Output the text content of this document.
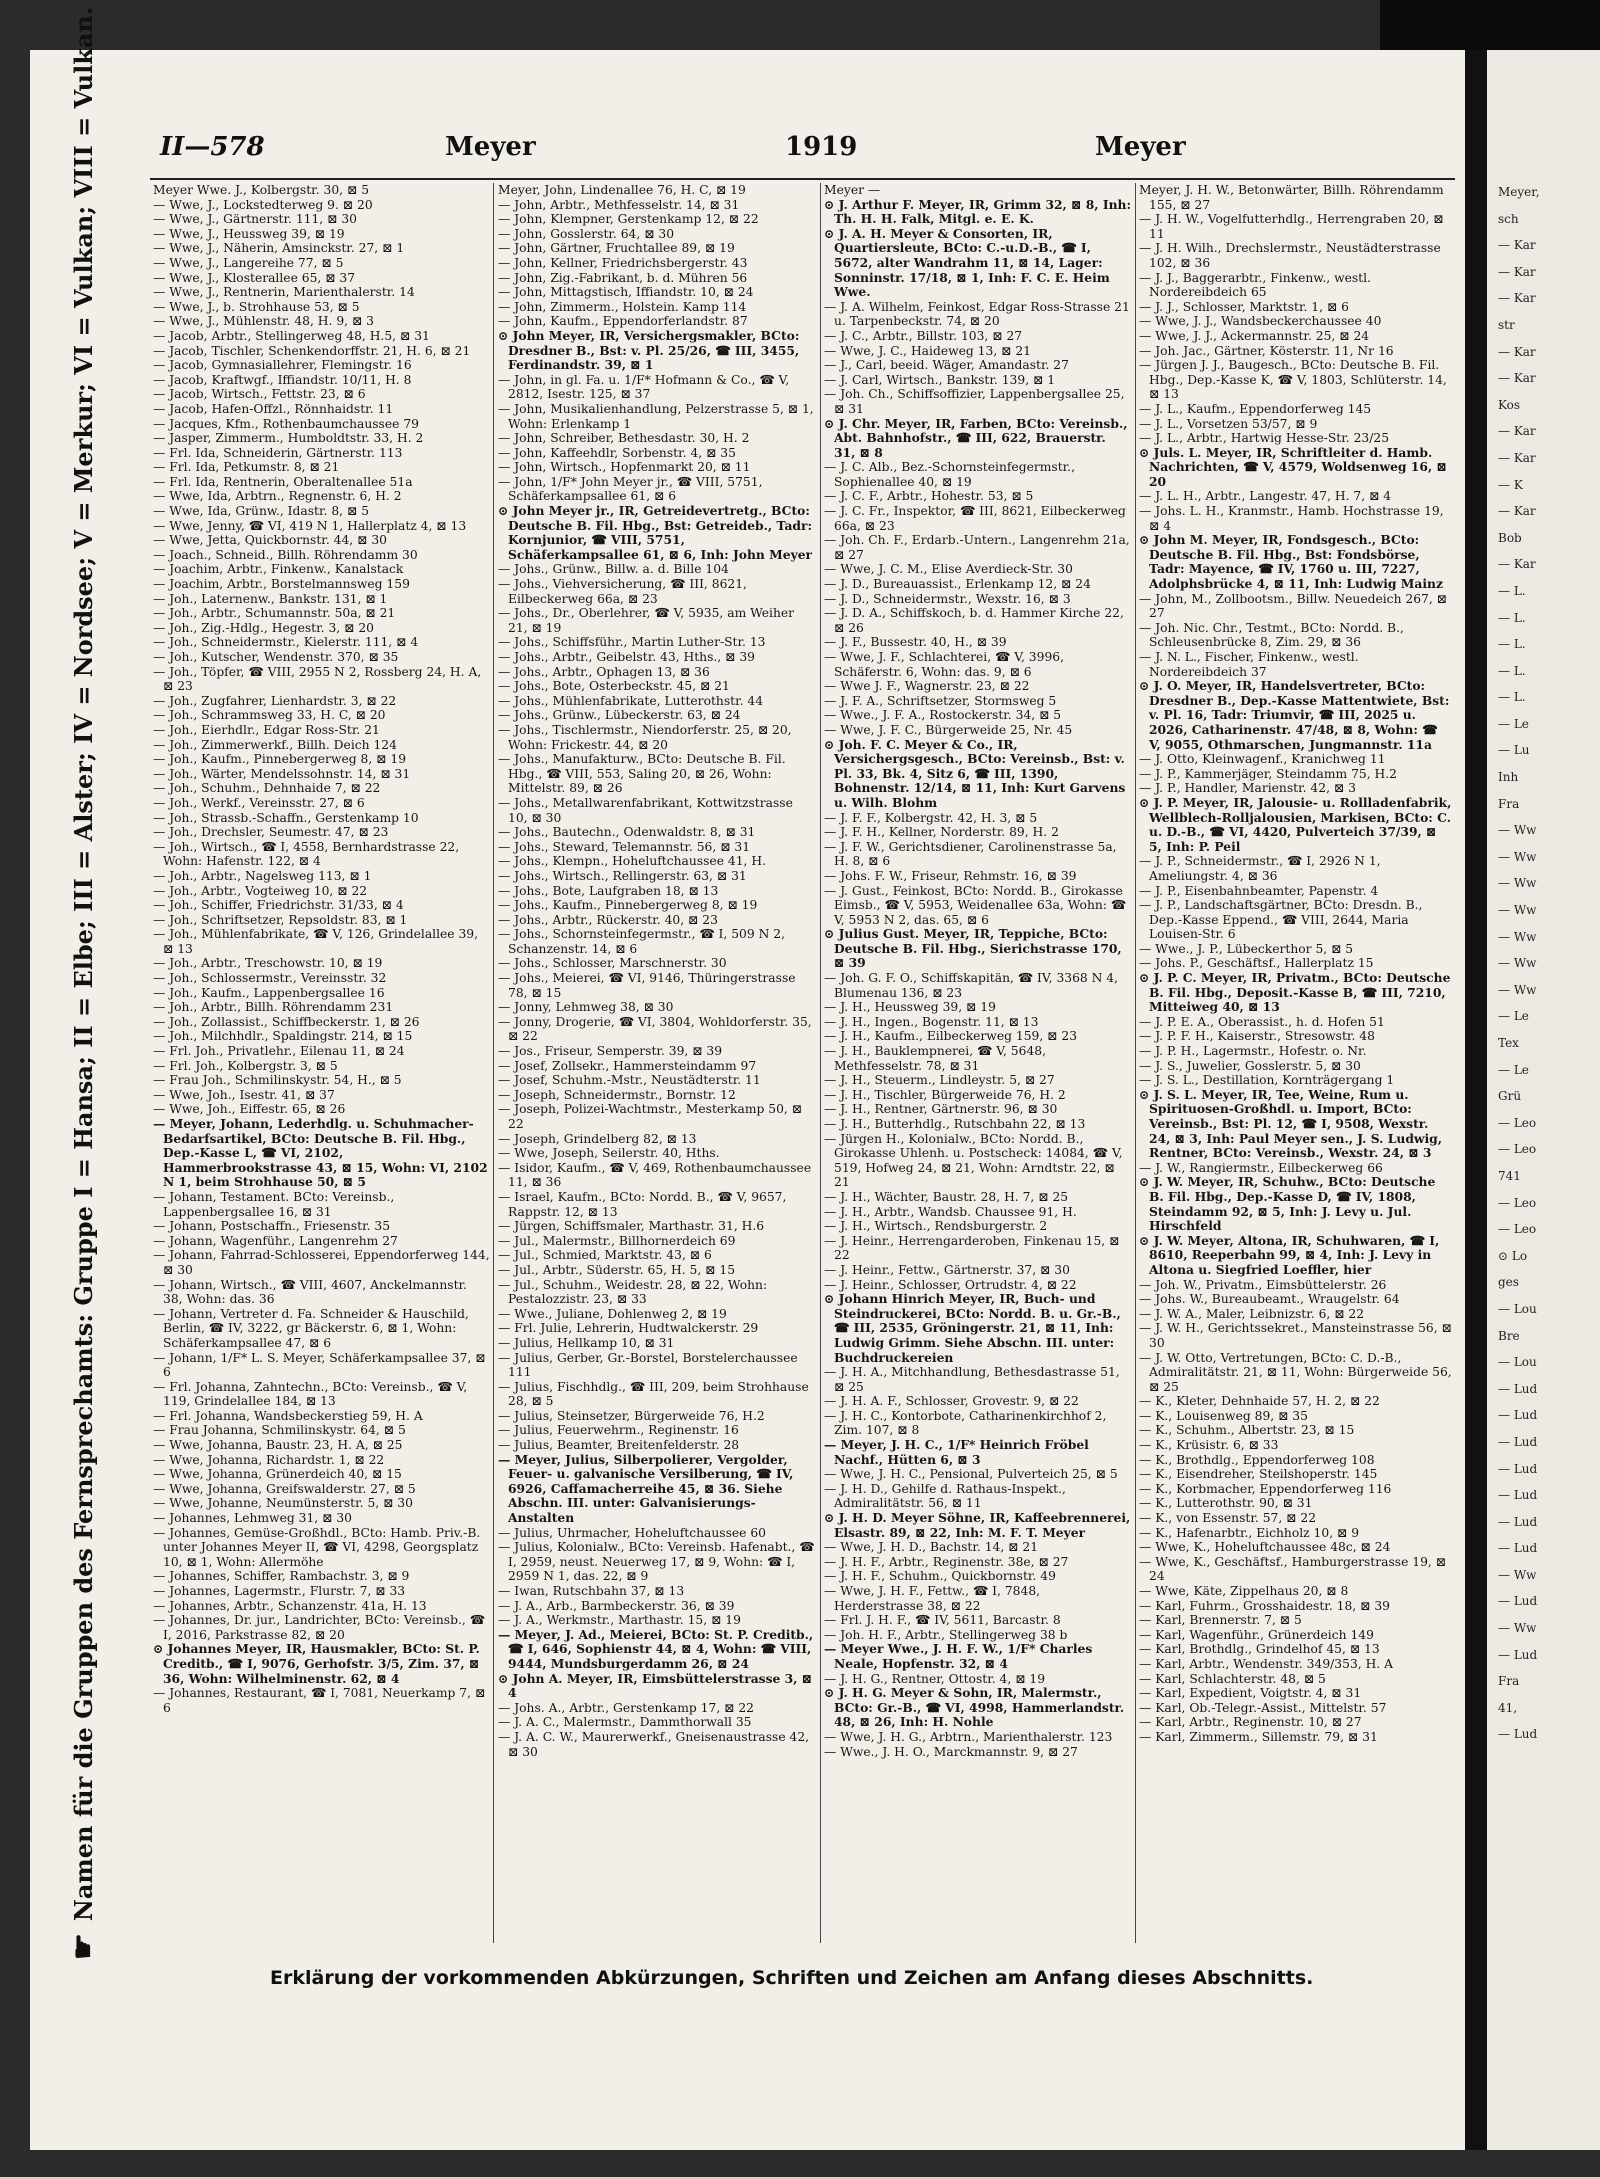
II—578	Meyer	1919	Meyer
☛
Namen für die Gruppen des Fernsprechamts: Gruppe I = Hansa; II = Elbe; III = Alster; IV = Nordsee; V = Merkur; VI = Vulkan; VIII = Vulkan.	Meyer Wwe. J., Kolbergstr. 30, ⊠ 5

— Wwe, J., Lockstedterweg 9. ⊠ 20

— Wwe, J., Gärtnerstr. 111, ⊠ 30

— Wwe, J., Heussweg 39, ⊠ 19

— Wwe, J., Näherin, Amsinckstr. 27, ⊠ 1

— Wwe, J., Langereihe 77, ⊠ 5

— Wwe, J., Klosterallee 65, ⊠ 37

— Wwe, J., Rentnerin, Marienthalerstr. 14

— Wwe, J., b. Strohhause 53, ⊠ 5

— Wwe, J., Mühlenstr. 48, H. 9, ⊠ 3

— Jacob, Arbtr., Stellingerweg 48, H.5, ⊠ 31

— Jacob, Tischler, Schenkendorffstr. 21, H. 6, ⊠ 21

— Jacob, Gymnasiallehrer, Flemingstr. 16

— Jacob, Kraftwgf., Iffiandstr. 10/11, H. 8

— Jacob, Wirtsch., Fettstr. 23, ⊠ 6

— Jacob, Hafen-Offzl., Rönnhaidstr. 11

— Jacques, Kfm., Rothenbaumchaussee 79

— Jasper, Zimmerm., Humboldtstr. 33, H. 2

— Frl. Ida, Schneiderin, Gärtnerstr. 113

— Frl. Ida, Petkumstr. 8, ⊠ 21

— Frl. Ida, Rentnerin, Oberaltenallee 51a

— Wwe, Ida, Arbtrn., Regnenstr. 6, H. 2

— Wwe, Ida, Grünw., Idastr. 8, ⊠ 5

— Wwe, Jenny, ☎ VI, 419 N 1, Hallerplatz 4, ⊠ 13

— Wwe, Jetta, Quickbornstr. 44, ⊠ 30

— Joach., Schneid., Billh. Röhrendamm 30

— Joachim, Arbtr., Finkenw., Kanalstack

— Joachim, Arbtr., Borstelmannsweg 159

— Joh., Laternenw., Bankstr. 131, ⊠ 1

— Joh., Arbtr., Schumannstr. 50a, ⊠ 21

— Joh., Zig.-Hdlg., Hegestr. 3, ⊠ 20

— Joh., Schneidermstr., Kielerstr. 111, ⊠ 4

— Joh., Kutscher, Wendenstr. 370, ⊠ 35

— Joh., Töpfer, ☎ VIII, 2955 N 2, Rossberg 24, H. A, ⊠ 23

— Joh., Zugfahrer, Lienhardstr. 3, ⊠ 22

— Joh., Schrammsweg 33, H. C, ⊠ 20

— Joh., Eierhdlr., Edgar Ross-Str. 21

— Joh., Zimmerwerkf., Billh. Deich 124

— Joh., Kaufm., Pinnebergerweg 8, ⊠ 19

— Joh., Wärter, Mendelssohnstr. 14, ⊠ 31

— Joh., Schuhm., Dehnhaide 7, ⊠ 22

— Joh., Werkf., Vereinsstr. 27, ⊠ 6

— Joh., Strassb.-Schaffn., Gerstenkamp 10

— Joh., Drechsler, Seumestr. 47, ⊠ 23

— Joh., Wirtsch., ☎ I, 4558, Bernhardstrasse 22, Wohn: Hafenstr. 122, ⊠ 4

— Joh., Arbtr., Nagelsweg 113, ⊠ 1

— Joh., Arbtr., Vogteiweg 10, ⊠ 22

— Joh., Schiffer, Friedrichstr. 31/33, ⊠ 4

— Joh., Schriftsetzer, Repsoldstr. 83, ⊠ 1

— Joh., Mühlenfabrikate, ☎ V, 126, Grindelallee 39, ⊠ 13

— Joh., Arbtr., Treschowstr. 10, ⊠ 19

— Joh., Schlossermstr., Vereinsstr. 32

— Joh., Kaufm., Lappenbergsallee 16

— Joh., Arbtr., Billh. Röhrendamm 231

— Joh., Zollassist., Schiffbeckerstr. 1, ⊠ 26

— Joh., Milchhdlr., Spaldingstr. 214, ⊠ 15

— Frl. Joh., Privatlehr., Eilenau 11, ⊠ 24

— Frl. Joh., Kolbergstr. 3, ⊠ 5

— Frau Joh., Schmilinskystr. 54, H., ⊠ 5

— Wwe, Joh., Isestr. 41, ⊠ 37

— Wwe, Joh., Eiffestr. 65, ⊠ 26

— Meyer, Johann, Lederhdlg. u. Schuhmacher-Bedarfsartikel, BCto: Deutsche B. Fil. Hbg., Dep.-Kasse L, ☎ VI, 2102, Hammerbrookstrasse 43, ⊠ 15, Wohn: VI, 2102 N 1, beim Strohhause 50, ⊠ 5

— Johann, Testament. BCto: Vereinsb., Lappenbergsallee 16, ⊠ 31

— Johann, Postschaffn., Friesenstr. 35

— Johann, Wagenführ., Langenrehm 27

— Johann, Fahrrad-Schlosserei, Eppendorferweg 144, ⊠ 30

— Johann, Wirtsch., ☎ VIII, 4607, Anckelmannstr. 38, Wohn: das. 36

— Johann, Vertreter d. Fa. Schneider & Hauschild, Berlin, ☎ IV, 3222, gr Bäckerstr. 6, ⊠ 1, Wohn: Schäferkampsallee 47, ⊠ 6

— Johann, 1/F* L. S. Meyer, Schäferkampsallee 37, ⊠ 6

— Frl. Johanna, Zahntechn., BCto: Vereinsb., ☎ V, 119, Grindelallee 184, ⊠ 13

— Frl. Johanna, Wandsbeckerstieg 59, H. A

— Frau Johanna, Schmilinskystr. 64, ⊠ 5

— Wwe, Johanna, Baustr. 23, H. A, ⊠ 25

— Wwe, Johanna, Richardstr. 1, ⊠ 22

— Wwe, Johanna, Grünerdeich 40, ⊠ 15

— Wwe, Johanna, Greifswalderstr. 27, ⊠ 5

— Wwe, Johanne, Neumünsterstr. 5, ⊠ 30

— Johannes, Lehmweg 31, ⊠ 30

— Johannes, Gemüse-Großhdl., BCto: Hamb. Priv.-B. unter Johannes Meyer II, ☎ VI, 4298, Georgsplatz 10, ⊠ 1, Wohn: Allermöhe

— Johannes, Schiffer, Rambachstr. 3, ⊠ 9

— Johannes, Lagermstr., Flurstr. 7, ⊠ 33

— Johannes, Arbtr., Schanzenstr. 41a, H. 13

— Johannes, Dr. jur., Landrichter, BCto: Vereinsb., ☎ I, 2016, Parkstrasse 82, ⊠ 20

⊙ Johannes Meyer, IR, Hausmakler, BCto: St. P. Creditb., ☎ I, 9076, Gerhofstr. 3/5, Zim. 37, ⊠ 36, Wohn: Wilhelminenstr. 62, ⊠ 4

— Johannes, Restaurant, ☎ I, 7081, Neuerkamp 7, ⊠ 6

Meyer, John, Lindenallee 76, H. C, ⊠ 19

— John, Arbtr., Methfesselstr. 14, ⊠ 31

— John, Klempner, Gerstenkamp 12, ⊠ 22

— John, Gosslerstr. 64, ⊠ 30

— John, Gärtner, Fruchtallee 89, ⊠ 19

— John, Kellner, Friedrichsbergerstr. 43

— John, Zig.-Fabrikant, b. d. Mühren 56

— John, Mittagstisch, Iffiandstr. 10, ⊠ 24

— John, Zimmerm., Holstein. Kamp 114

— John, Kaufm., Eppendorferlandstr. 87

⊙ John Meyer, IR, Versichergsmakler, BCto: Dresdner B., Bst: v. Pl. 25/26, ☎ III, 3455, Ferdinandstr. 39, ⊠ 1

— John, in gl. Fa. u. 1/F* Hofmann & Co., ☎ V, 2812, Isestr. 125, ⊠ 37

— John, Musikalienhandlung, Pelzerstrasse 5, ⊠ 1, Wohn: Erlenkamp 1

— John, Schreiber, Bethesdastr. 30, H. 2

— John, Kaffeehdlr, Sorbenstr. 4, ⊠ 35

— John, Wirtsch., Hopfenmarkt 20, ⊠ 11

— John, 1/F* John Meyer jr., ☎ VIII, 5751, Schäferkampsallee 61, ⊠ 6

⊙ John Meyer jr., IR, Getreidevertretg., BCto: Deutsche B. Fil. Hbg., Bst: Getreideb., Tadr: Kornjunior, ☎ VIII, 5751, Schäferkampsallee 61, ⊠ 6, Inh: John Meyer

— Johs., Grünw., Billw. a. d. Bille 104

— Johs., Viehversicherung, ☎ III, 8621, Eilbeckerweg 66a, ⊠ 23

— Johs., Dr., Oberlehrer, ☎ V, 5935, am Weiher 21, ⊠ 19

— Johs., Schiffsführ., Martin Luther-Str. 13

— Johs., Arbtr., Geibelstr. 43, Hths., ⊠ 39

— Johs., Arbtr., Ophagen 13, ⊠ 36

— Johs., Bote, Osterbeckstr. 45, ⊠ 21

— Johs., Mühlenfabrikate, Lutterothstr. 44

— Johs., Grünw., Lübeckerstr. 63, ⊠ 24

— Johs., Tischlermstr., Niendorferstr. 25, ⊠ 20, Wohn: Frickestr. 44, ⊠ 20

— Johs., Manufakturw., BCto: Deutsche B. Fil. Hbg., ☎ VIII, 553, Saling 20, ⊠ 26, Wohn: Mittelstr. 89, ⊠ 26

— Johs., Metallwarenfabrikant, Kottwitzstrasse 10, ⊠ 30

— Johs., Bautechn., Odenwaldstr. 8, ⊠ 31

— Johs., Steward, Telemannstr. 56, ⊠ 31

— Johs., Klempn., Hoheluftchaussee 41, H.

— Johs., Wirtsch., Rellingerstr. 63, ⊠ 31

— Johs., Bote, Laufgraben 18, ⊠ 13

— Johs., Kaufm., Pinnebergerweg 8, ⊠ 19

— Johs., Arbtr., Rückerstr. 40, ⊠ 23

— Johs., Schornsteinfegermstr., ☎ I, 509 N 2, Schanzenstr. 14, ⊠ 6

— Johs., Schlosser, Marschnerstr. 30

— Johs., Meierei, ☎ VI, 9146, Thüringerstrasse 78, ⊠ 15

— Jonny, Lehmweg 38, ⊠ 30

— Jonny, Drogerie, ☎ VI, 3804, Wohldorferstr. 35, ⊠ 22

— Jos., Friseur, Semperstr. 39, ⊠ 39

— Josef, Zollsekr., Hammersteindamm 97

— Josef, Schuhm.-Mstr., Neustädterstr. 11

— Joseph, Schneidermstr., Bornstr. 12

— Joseph, Polizei-Wachtmstr., Mesterkamp 50, ⊠ 22

— Joseph, Grindelberg 82, ⊠ 13

— Wwe, Joseph, Seilerstr. 40, Hths.

— Isidor, Kaufm., ☎ V, 469, Rothenbaumchaussee 11, ⊠ 36

— Israel, Kaufm., BCto: Nordd. B., ☎ V, 9657, Rappstr. 12, ⊠ 13

— Jürgen, Schiffsmaler, Marthastr. 31, H.6

— Jul., Malermstr., Billhornerdeich 69

— Jul., Schmied, Marktstr. 43, ⊠ 6

— Jul., Arbtr., Süderstr. 65, H. 5, ⊠ 15

— Jul., Schuhm., Weidestr. 28, ⊠ 22, Wohn: Pestalozzistr. 23, ⊠ 33

— Wwe., Juliane, Dohlenweg 2, ⊠ 19

— Frl. Julie, Lehrerin, Hudtwalckerstr. 29

— Julius, Hellkamp 10, ⊠ 31

— Julius, Gerber, Gr.-Borstel, Borstelerchaussee 111

— Julius, Fischhdlg., ☎ III, 209, beim Strohhause 28, ⊠ 5

— Julius, Steinsetzer, Bürgerweide 76, H.2

— Julius, Feuerwehrm., Reginenstr. 16

— Julius, Beamter, Breitenfelderstr. 28

— Meyer, Julius, Silberpolierer, Vergolder, Feuer- u. galvanische Versilberung, ☎ IV, 6926, Caffamacherreihe 45, ⊠ 36. Siehe Abschn. III. unter: Galvanisierungs-Anstalten

— Julius, Uhrmacher, Hoheluftchaussee 60

— Julius, Kolonialw., BCto: Vereinsb. Hafenabt., ☎ I, 2959, neust. Neuerweg 17, ⊠ 9, Wohn: ☎ I, 2959 N 1, das. 22, ⊠ 9

— Iwan, Rutschbahn 37, ⊠ 13

— J. A., Arb., Barmbeckerstr. 36, ⊠ 39

— J. A., Werkmstr., Marthastr. 15, ⊠ 19

— Meyer, J. Ad., Meierei, BCto: St. P. Creditb., ☎ I, 646, Sophienstr 44, ⊠ 4, Wohn: ☎ VIII, 9444, Mundsburgerdamm 26, ⊠ 24

⊙ John A. Meyer, IR, Eimsbüttelerstrasse 3, ⊠ 4

— Johs. A., Arbtr., Gerstenkamp 17, ⊠ 22

— J. A. C., Malermstr., Dammthorwall 35

— J. A. C. W., Maurerwerkf., Gneisenaustrasse 42, ⊠ 30

Meyer —

⊙ J. Arthur F. Meyer, IR, Grimm 32, ⊠ 8, Inh: Th. H. H. Falk, Mitgl. e. E. K.

⊙ J. A. H. Meyer & Consorten, IR, Quartiersleute, BCto: C.-u.D.-B., ☎ I, 5672, alter Wandrahm 11, ⊠ 14, Lager: Sonninstr. 17/18, ⊠ 1, Inh: F. C. E. Heim Wwe.

— J. A. Wilhelm, Feinkost, Edgar Ross-Strasse 21 u. Tarpenbeckstr. 74, ⊠ 20

— J. C., Arbtr., Billstr. 103, ⊠ 27

— Wwe, J. C., Haideweg 13, ⊠ 21

— J., Carl, beeid. Wäger, Amandastr. 27

— J. Carl, Wirtsch., Bankstr. 139, ⊠ 1

— Joh. Ch., Schiffsoffizier, Lappenbergsallee 25, ⊠ 31

⊙ J. Chr. Meyer, IR, Farben, BCto: Vereinsb., Abt. Bahnhofstr., ☎ III, 622, Brauerstr. 31, ⊠ 8

— J. C. Alb., Bez.-Schornsteinfegermstr., Sophienallee 40, ⊠ 19

— J. C. F., Arbtr., Hohestr. 53, ⊠ 5

— J. C. Fr., Inspektor, ☎ III, 8621, Eilbeckerweg 66a, ⊠ 23

— Joh. Ch. F., Erdarb.-Untern., Langenrehm 21a, ⊠ 27

— Wwe, J. C. M., Elise Averdieck-Str. 30

— J. D., Bureauassist., Erlenkamp 12, ⊠ 24

— J. D., Schneidermstr., Wexstr. 16, ⊠ 3

— J. D. A., Schiffskoch, b. d. Hammer Kirche 22, ⊠ 26

— J. F., Bussestr. 40, H., ⊠ 39

— Wwe, J. F., Schlachterei, ☎ V, 3996, Schäferstr. 6, Wohn: das. 9, ⊠ 6

— Wwe J. F., Wagnerstr. 23, ⊠ 22

— J. F. A., Schriftsetzer, Stormsweg 5

— Wwe., J. F. A., Rostockerstr. 34, ⊠ 5

— Wwe, J. F. C., Bürgerweide 25, Nr. 45

⊙ Joh. F. C. Meyer & Co., IR, Versichergsgesch., BCto: Vereinsb., Bst: v. Pl. 33, Bk. 4, Sitz 6, ☎ III, 1390, Bohnenstr. 12/14, ⊠ 11, Inh: Kurt Garvens u. Wilh. Blohm

— J. F. F., Kolbergstr. 42, H. 3, ⊠ 5

— J. F. H., Kellner, Norderstr. 89, H. 2

— J. F. W., Gerichtsdiener, Carolinenstrasse 5a, H. 8, ⊠ 6

— Johs. F. W., Friseur, Rehmstr. 16, ⊠ 39

— J. Gust., Feinkost, BCto: Nordd. B., Girokasse Eimsb., ☎ V, 5953, Weidenallee 63a, Wohn: ☎ V, 5953 N 2, das. 65, ⊠ 6

⊙ Julius Gust. Meyer, IR, Teppiche, BCto: Deutsche B. Fil. Hbg., Sierichstrasse 170, ⊠ 39

— Joh. G. F. O., Schiffskapitän, ☎ IV, 3368 N 4, Blumenau 136, ⊠ 23

— J. H., Heussweg 39, ⊠ 19

— J. H., Ingen., Bogenstr. 11, ⊠ 13

— J. H., Kaufm., Eilbeckerweg 159, ⊠ 23

— J. H., Bauklempnerei, ☎ V, 5648, Methfesselstr. 78, ⊠ 31

— J. H., Steuerm., Lindleystr. 5, ⊠ 27

— J. H., Tischler, Bürgerweide 76, H. 2

— J. H., Rentner, Gärtnerstr. 96, ⊠ 30

— J. H., Butterhdlg., Rutschbahn 22, ⊠ 13

— Jürgen H., Kolonialw., BCto: Nordd. B., Girokasse Uhlenh. u. Postscheck: 14084, ☎ V, 519, Hofweg 24, ⊠ 21, Wohn: Arndtstr. 22, ⊠ 21

— J. H., Wächter, Baustr. 28, H. 7, ⊠ 25

— J. H., Arbtr., Wandsb. Chaussee 91, H.

— J. H., Wirtsch., Rendsburgerstr. 2

— J. Heinr., Herrengarderoben, Finkenau 15, ⊠ 22

— J. Heinr., Fettw., Gärtnerstr. 37, ⊠ 30

— J. Heinr., Schlosser, Ortrudstr. 4, ⊠ 22

⊙ Johann Hinrich Meyer, IR, Buch- und Steindruckerei, BCto: Nordd. B. u. Gr.-B., ☎ III, 2535, Gröningerstr. 21, ⊠ 11, Inh: Ludwig Grimm. Siehe Abschn. III. unter: Buchdruckereien

— J. H. A., Mitchhandlung, Bethesdastrasse 51, ⊠ 25

— J. H. A. F., Schlosser, Grovestr. 9, ⊠ 22

— J. H. C., Kontorbote, Catharinenkirchhof 2, Zim. 107, ⊠ 8

— Meyer, J. H. C., 1/F* Heinrich Fröbel Nachf., Hütten 6, ⊠ 3

— Wwe, J. H. C., Pensional, Pulverteich 25, ⊠ 5

— J. H. D., Gehilfe d. Rathaus-Inspekt., Admiralitätstr. 56, ⊠ 11

⊙ J. H. D. Meyer Söhne, IR, Kaffeebrennerei, Elsastr. 89, ⊠ 22, Inh: M. F. T. Meyer

— Wwe, J. H. D., Bachstr. 14, ⊠ 21

— J. H. F., Arbtr., Reginenstr. 38e, ⊠ 27

— J. H. F., Schuhm., Quickbornstr. 49

— Wwe, J. H. F., Fettw., ☎ I, 7848, Herderstrasse 38, ⊠ 22

— Frl. J. H. F., ☎ IV, 5611, Barcastr. 8

— Joh. H. F., Arbtr., Stellingerweg 38 b

— Meyer Wwe., J. H. F. W., 1/F* Charles Neale, Hopfenstr. 32, ⊠ 4

— J. H. G., Rentner, Ottostr. 4, ⊠ 19

⊙ J. H. G. Meyer & Sohn, IR, Malermstr., BCto: Gr.-B., ☎ VI, 4998, Hammerlandstr. 48, ⊠ 26, Inh: H. Nohle

— Wwe, J. H. G., Arbtrn., Marienthalerstr. 123

— Wwe., J. H. O., Marckmannstr. 9, ⊠ 27

Meyer, J. H. W., Betonwärter, Billh. Röhrendamm 155, ⊠ 27

— J. H. W., Vogelfutterhdlg., Herrengraben 20, ⊠ 11

— J. H. Wilh., Drechslermstr., Neustädterstrasse 102, ⊠ 36

— J. J., Baggerarbtr., Finkenw., westl. Nordereibdeich 65

— J. J., Schlosser, Marktstr. 1, ⊠ 6

— Wwe, J. J., Wandsbeckerchaussee 40

— Wwe, J. J., Ackermannstr. 25, ⊠ 24

— Joh. Jac., Gärtner, Kösterstr. 11, Nr 16

— Jürgen J. J., Baugesch., BCto: Deutsche B. Fil. Hbg., Dep.-Kasse K, ☎ V, 1803, Schlüterstr. 14, ⊠ 13

— J. L., Kaufm., Eppendorferweg 145

— J. L., Vorsetzen 53/57, ⊠ 9

— J. L., Arbtr., Hartwig Hesse-Str. 23/25

⊙ Juls. L. Meyer, IR, Schriftleiter d. Hamb. Nachrichten, ☎ V, 4579, Woldsenweg 16, ⊠ 20

— J. L. H., Arbtr., Langestr. 47, H. 7, ⊠ 4

— Johs. L. H., Kranmstr., Hamb. Hochstrasse 19, ⊠ 4

⊙ John M. Meyer, IR, Fondsgesch., BCto: Deutsche B. Fil. Hbg., Bst: Fondsbörse, Tadr: Mayence, ☎ IV, 1760 u. III, 7227, Adolphsbrücke 4, ⊠ 11, Inh: Ludwig Mainz

— John, M., Zollbootsm., Billw. Neuedeich 267, ⊠ 27

— Joh. Nic. Chr., Testmt., BCto: Nordd. B., Schleusenbrücke 8, Zim. 29, ⊠ 36

— J. N. L., Fischer, Finkenw., westl. Nordereibdeich 37

⊙ J. O. Meyer, IR, Handelsvertreter, BCto: Dresdner B., Dep.-Kasse Mattentwiete, Bst: v. Pl. 16, Tadr: Triumvir, ☎ III, 2025 u. 2026, Catharinenstr. 47/48, ⊠ 8, Wohn: ☎ V, 9055, Othmarschen, Jungmannstr. 11a

— J. Otto, Kleinwagenf., Kranichweg 11

— J. P., Kammerjäger, Steindamm 75, H.2

— J. P., Handler, Marienstr. 42, ⊠ 3

⊙ J. P. Meyer, IR, Jalousie- u. Rollladenfabrik, Wellblech-Rolljalousien, Markisen, BCto: C. u. D.-B., ☎ VI, 4420, Pulverteich 37/39, ⊠ 5, Inh: P. Peil

— J. P., Schneidermstr., ☎ I, 2926 N 1, Ameliungstr. 4, ⊠ 36

— J. P., Eisenbahnbeamter, Papenstr. 4

— J. P., Landschaftsgärtner, BCto: Dresdn. B., Dep.-Kasse Eppend., ☎ VIII, 2644, Maria Louisen-Str. 6

— Wwe., J. P., Lübeckerthor 5, ⊠ 5

— Johs. P., Geschäftsf., Hallerplatz 15

⊙ J. P. C. Meyer, IR, Privatm., BCto: Deutsche B. Fil. Hbg., Deposit.-Kasse B, ☎ III, 7210, Mitteiweg 40, ⊠ 13

— J. P. E. A., Oberassist., h. d. Hofen 51

— J. P. F. H., Kaiserstr., Stresowstr. 48

— J. P. H., Lagermstr., Hofestr. o. Nr.

— J. S., Juwelier, Gosslerstr. 5, ⊠ 30

— J. S. L., Destillation, Kornträgergang 1

⊙ J. S. L. Meyer, IR, Tee, Weine, Rum u. Spirituosen-Großhdl. u. Import, BCto: Vereinsb., Bst: Pl. 12, ☎ I, 9508, Wexstr. 24, ⊠ 3, Inh: Paul Meyer sen., J. S. Ludwig, Rentner, BCto: Vereinsb., Wexstr. 24, ⊠ 3

— J. W., Rangiermstr., Eilbeckerweg 66

⊙ J. W. Meyer, IR, Schuhw., BCto: Deutsche B. Fil. Hbg., Dep.-Kasse D, ☎ IV, 1808, Steindamm 92, ⊠ 5, Inh: J. Levy u. Jul. Hirschfeld

⊙ J. W. Meyer, Altona, IR, Schuhwaren, ☎ I, 8610, Reeperbahn 99, ⊠ 4, Inh: J. Levy in Altona u. Siegfried Loeffler, hier

— Joh. W., Privatm., Eimsbüttelerstr. 26

— Johs. W., Bureaubeamt., Wraugelstr. 64

— J. W. A., Maler, Leibnizstr. 6, ⊠ 22

— J. W. H., Gerichtssekret., Mansteinstrasse 56, ⊠ 30

— J. W. Otto, Vertretungen, BCto: C. D.-B., Admiralitätstr. 21, ⊠ 11, Wohn: Bürgerweide 56, ⊠ 25

— K., Kleter, Dehnhaide 57, H. 2, ⊠ 22

— K., Louisenweg 89, ⊠ 35

— K., Schuhm., Albertstr. 23, ⊠ 15

— K., Krüsistr. 6, ⊠ 33

— K., Brothdlg., Eppendorferweg 108

— K., Eisendreher, Steilshoperstr. 145

— K., Korbmacher, Eppendorferweg 116

— K., Lutterothstr. 90, ⊠ 31

— K., von Essenstr. 57, ⊠ 22

— K., Hafenarbtr., Eichholz 10, ⊠ 9

— Wwe, K., Hoheluftchaussee 48c, ⊠ 24

— Wwe, K., Geschäftsf., Hamburgerstrasse 19, ⊠ 24

— Wwe, Käte, Zippelhaus 20, ⊠ 8

— Karl, Fuhrm., Grosshaidestr. 18, ⊠ 39

— Karl, Brennerstr. 7, ⊠ 5

— Karl, Wagenführ., Grünerdeich 149

— Karl, Brothdlg., Grindelhof 45, ⊠ 13

— Karl, Arbtr., Wendenstr. 349/353, H. A

— Karl, Schlachterstr. 48, ⊠ 5

— Karl, Expedient, Voigtstr. 4, ⊠ 31

— Karl, Ob.-Telegr.-Assist., Mittelstr. 57

— Karl, Arbtr., Reginenstr. 10, ⊠ 27

— Karl, Zimmerm., Sillemstr. 79, ⊠ 31

Meyer,
sch
— Kar
— Kar
— Kar
str
— Kar
— Kar
Kos
— Kar
— Kar
— K
— Kar
Bob
— Kar
— L.
— L.
— L.
— L.
— L.
— Le
— Lu
Inh
Fra
— Ww
— Ww
— Ww
— Ww
— Ww
— Ww
— Ww
— Le
Tex
— Le
Grü
— Leo
— Leo
741
— Leo
— Leo
⊙ Lo
ges
— Lou
Bre
— Lou
— Lud
— Lud
— Lud
— Lud
— Lud
— Lud
— Lud
— Ww
— Lud
— Ww
— Lud
Fra
41,
— Lud
Erklärung der vorkommenden Abkürzungen, Schriften und Zeichen am Anfang dieses Abschnitts.
